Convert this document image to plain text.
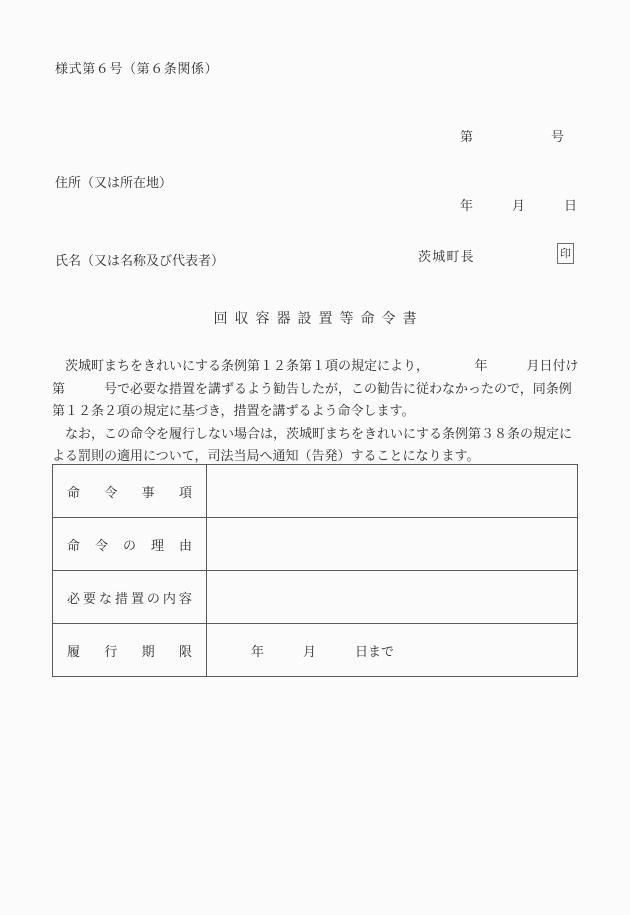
様式第６号（第６条関係）

第　　　　　　号

年　　　月　　　日

住所（又は所在地）

氏名（又は名称及び代表者）

	茨城町長	印
回収容器設置等命令書

　茨城町まちをきれいにする条例第１２条第１項の規定により，　　　　年　　　月日付け第　　　号で必要な措置を講ずるよう勧告したが，この勧告に従わなかったので，同条例第１２条２項の規定に基づき，措置を講ずるよう命令します。

　なお，この命令を履行しない場合は，茨城町まちをきれいにする条例第３８条の規定による罰則の適用について，司法当局へ通知（告発）することになります。

命 令 事 項	

命 令 の 理 由	

必 要 な 措 置 の 内 容

履 行 期 限	　　年　　　月　　　日まで
